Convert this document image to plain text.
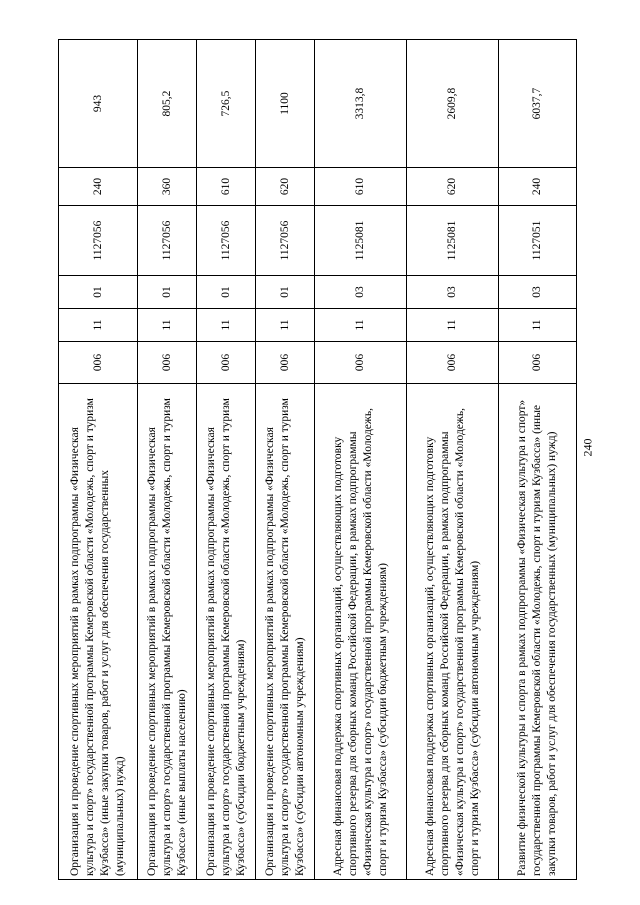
240
Организация и проведение спортивных мероприятий в рамках подпрограммы «Физическая культура и спорт» государственной программы Кемеровской области «Молодежь, спорт и туризм Кузбасса» (иные закупки товаров, работ и услуг для обеспечения государственных (муниципальных) нужд)	006	11	01	1127056	240	943
Организация и проведение спортивных мероприятий в рамках подпрограммы «Физическая культура и спорт» государственной программы Кемеровской области «Молодежь, спорт и туризм Кузбасса» (иные выплаты населению)	006	11	01	1127056	360	805,2
Организация и проведение спортивных мероприятий в рамках подпрограммы «Физическая культура и спорт» государственной программы Кемеровской области «Молодежь, спорт и туризм Кузбасса» (субсидии бюджетным учреждениям)	006	11	01	1127056	610	726,5
Организация и проведение спортивных мероприятий в рамках подпрограммы «Физическая культура и спорт» государственной программы Кемеровской области «Молодежь, спорт и туризм Кузбасса» (субсидии автономным учреждениям)	006	11	01	1127056	620	1100
Адресная финансовая поддержка спортивных организаций, осуществляющих подготовку спортивного резерва для сборных команд Российской Федерации, в рамках подпрограммы «Физическая культура и спорт» государственной программы Кемеровской области «Молодежь, спорт и туризм Кузбасса» (субсидии бюджетным учреждениям)	006	11	03	1125081	610	3313,8
Адресная финансовая поддержка спортивных организаций, осуществляющих подготовку спортивного резерва для сборных команд Российской Федерации, в рамках подпрограммы «Физическая культура и спорт» государственной программы Кемеровской области «Молодежь, спорт и туризм Кузбасса» (субсидии автономным учреждениям)	006	11	03	1125081	620	2609,8
Развитие физической культуры и спорта в рамках подпрограммы «Физическая культура и спорт» государственной программы Кемеровской области «Молодежь, спорт и туризм Кузбасса» (иные закупки товаров, работ и услуг для обеспечения государственных (муниципальных) нужд)	006	11	03	1127051	240	6037,7
